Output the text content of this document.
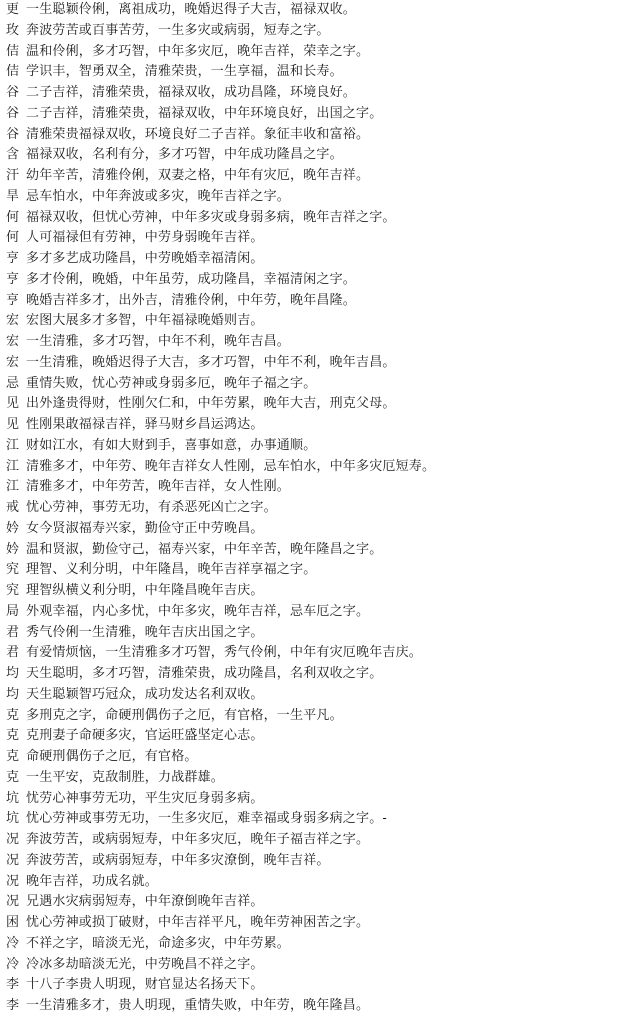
更 一生聪颖伶俐，离祖成功，晚婚迟得子大吉，福禄双收。
玫 奔波劳苦或百事苦劳，一生多灾或病弱，短寿之字。
佶 温和伶俐，多才巧智，中年多灾厄，晚年吉祥，荣幸之字。
佶 学识丰，智勇双全，清雅荣贵，一生享福，温和长寿。
谷 二子吉祥，清雅荣贵，福禄双收，成功昌隆，环境良好。
谷 二子吉祥，清雅荣贵，福禄双收，中年环境良好，出国之字。
谷 清雅荣贵福禄双收，环境良好二子吉祥。象征丰收和富裕。
含 福禄双收，名利有分，多才巧智，中年成功隆昌之字。
汗 幼年辛苦，清雅伶俐，双妻之格，中年有灾厄，晚年吉祥。
旱 忌车怕水，中年奔波或多灾，晚年吉祥之字。
何 福禄双收，但忧心劳神，中年多灾或身弱多病，晚年吉祥之字。
何 人可福禄但有劳神，中劳身弱晚年吉祥。
亨 多才多艺成功隆昌，中劳晚婚幸福清闲。
亨 多才伶俐，晚婚，中年虽劳，成功隆昌，幸福清闲之字。
亨 晚婚吉祥多才，出外吉，清雅伶俐，中年劳，晚年昌隆。
宏 宏图大展多才多智，中年福禄晚婚则吉。
宏 一生清雅，多才巧智，中年不利，晚年吉昌。
宏 一生清雅，晚婚迟得子大吉，多才巧智，中年不利，晚年吉昌。
忌 重情失败，忧心劳神或身弱多厄，晚年子福之字。
见 出外逢贵得财，性刚欠仁和，中年劳累，晚年大吉，刑克父母。
见 性刚果敢福禄吉祥，驿马财乡昌运鸿达。
江 财如江水，有如大财到手，喜事如意，办事通顺。
江 清雅多才，中年劳、晚年吉祥女人性刚，忌车怕水，中年多灾厄短寿。
江 清雅多才，中年劳苦，晚年吉祥，女人性刚。
戒 忧心劳神，事劳无功，有杀恶死凶亡之字。
妗 女今贤淑福寿兴家，勤俭守正中劳晚昌。
妗 温和贤淑，勤俭守己，福寿兴家，中年辛苦，晚年隆昌之字。
究 理智、义利分明，中年隆昌，晚年吉祥享福之字。
究 理智纵横义利分明，中年隆昌晚年吉庆。
局 外观幸福，内心多忧，中年多灾，晚年吉祥，忌车厄之字。
君 秀气伶俐一生清雅，晚年吉庆出国之字。
君 有爱情烦恼，一生清雅多才巧智，秀气伶俐，中年有灾厄晚年吉庆。
均 天生聪明，多才巧智，清雅荣贵，成功隆昌，名利双收之字。
均 天生聪颖智巧冠众，成功发达名利双收。
克 多刑克之字，命硬刑偶伤子之厄，有官格，一生平凡。
克 克刑妻子命硬多灾，官运旺盛坚定心志。
克 命硬刑偶伤子之厄，有官格。
克 一生平安，克敌制胜，力战群雄。
坑 忧劳心神事劳无功，平生灾厄身弱多病。
坑 忧心劳神或事劳无功，一生多灾厄，难幸福或身弱多病之字。-
况 奔波劳苦，或病弱短寿，中年多灾厄，晚年子福吉祥之字。
况 奔波劳苦，或病弱短寿，中年多灾潦倒，晚年吉祥。
况 晚年吉祥，功成名就。
况 兄遇水灾病弱短寿，中年潦倒晚年吉祥。
困 忧心劳神或损丁破财，中年吉祥平凡，晚年劳神困苦之字。
冷 不祥之字，暗淡无光，命途多灾，中年劳累。
冷 冷冰多劫暗淡无光，中劳晚昌不祥之字。
李 十八子李贵人明现，财官显达名扬天下。
李 一生清雅多才，贵人明现，重情失败，中年劳，晚年隆昌。
